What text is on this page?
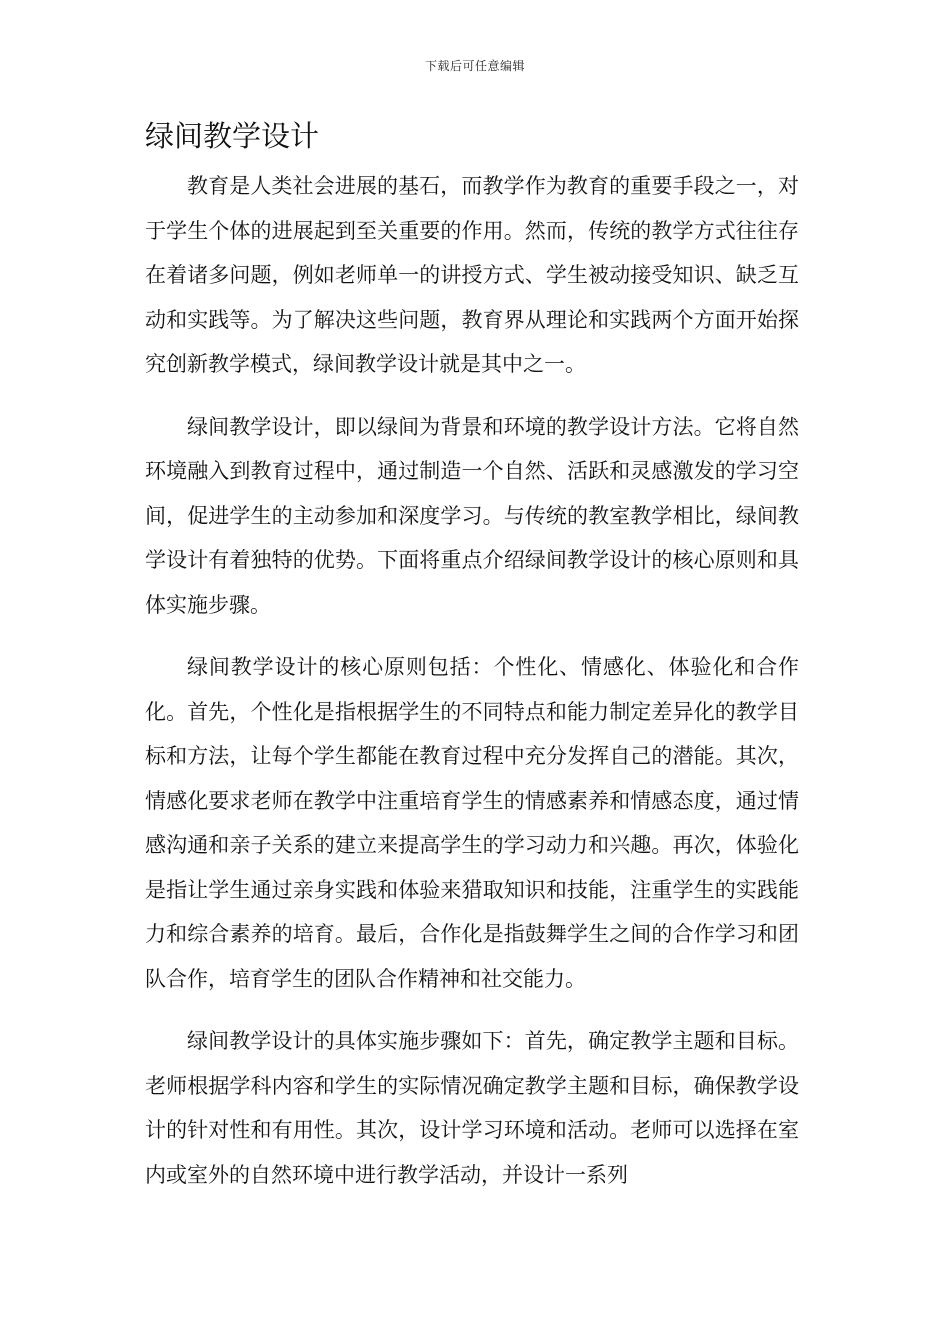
下载后可任意编辑
绿间教学设计

教育是人类社会进展的基石，而教学作为教育的重要手段之一，对于学生个体的进展起到至关重要的作用。然而，传统的教学方式往往存在着诸多问题，例如老师单一的讲授方式、学生被动接受知识、缺乏互动和实践等。为了解决这些问题，教育界从理论和实践两个方面开始探究创新教学模式，绿间教学设计就是其中之一。

绿间教学设计，即以绿间为背景和环境的教学设计方法。它将自然环境融入到教育过程中，通过制造一个自然、活跃和灵感激发的学习空间，促进学生的主动参加和深度学习。与传统的教室教学相比，绿间教学设计有着独特的优势。下面将重点介绍绿间教学设计的核心原则和具体实施步骤。

绿间教学设计的核心原则包括：个性化、情感化、体验化和合作化。首先，个性化是指根据学生的不同特点和能力制定差异化的教学目标和方法，让每个学生都能在教育过程中充分发挥自己的潜能。其次，情感化要求老师在教学中注重培育学生的情感素养和情感态度，通过情感沟通和亲子关系的建立来提高学生的学习动力和兴趣。再次，体验化是指让学生通过亲身实践和体验来猎取知识和技能，注重学生的实践能力和综合素养的培育。最后，合作化是指鼓舞学生之间的合作学习和团队合作，培育学生的团队合作精神和社交能力。

绿间教学设计的具体实施步骤如下：首先，确定教学主题和目标。老师根据学科内容和学生的实际情况确定教学主题和目标，确保教学设计的针对性和有用性。其次，设计学习环境和活动。老师可以选择在室内或室外的自然环境中进行教学活动，并设计一系列
